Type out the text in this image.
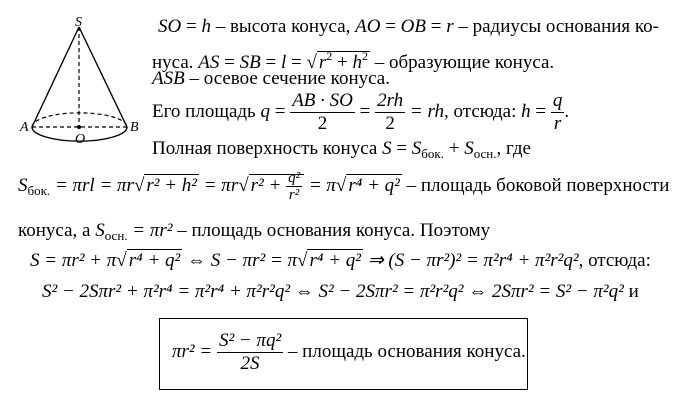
S
A	B
O
SO = h – высота конуса, AO = OB = r – радиусы основания ко-
нуса. AS = SB = l = √ $r^2 + h^2$ – образующие конуса.
ASB – осевое сечение конуса.
Его площадь $q = \frac{AB \cdot SO}{2} = \frac{2rh}{2}$ = rh, отсюда: $h = \frac{q}{r}$ .
Полная поверхность конуса $S = S_{бок.} + S_{осн.}$, где
$S_{бок.} = \pi rl = \pi r√$ r² + h² = πr√ $r^2 + \frac{\text{q²}}{\text{r²}} = \pi√$ r⁴ + q² – площадь боковой поверхности
конуса, а $S_{осн.} = \pi r^2$ – площадь основания конуса. Поэтому
S = πr² + π√ r⁴ + q² ⇔ S − πr² = π√ r⁴ + q² ⇒ (S − πr²)² = π²r⁴ + π²r²q², отсюда:
S² − 2Sπr² + π²r⁴ = π²r⁴ + π²r²q² ⇔ S² − 2Sπr² = π²r²q² ⇔ 2Sπr² = S² − π²q² и
$\pi r^2 = \frac{\text{S² − πq²}}{2S}$ – площадь основания конуса.
